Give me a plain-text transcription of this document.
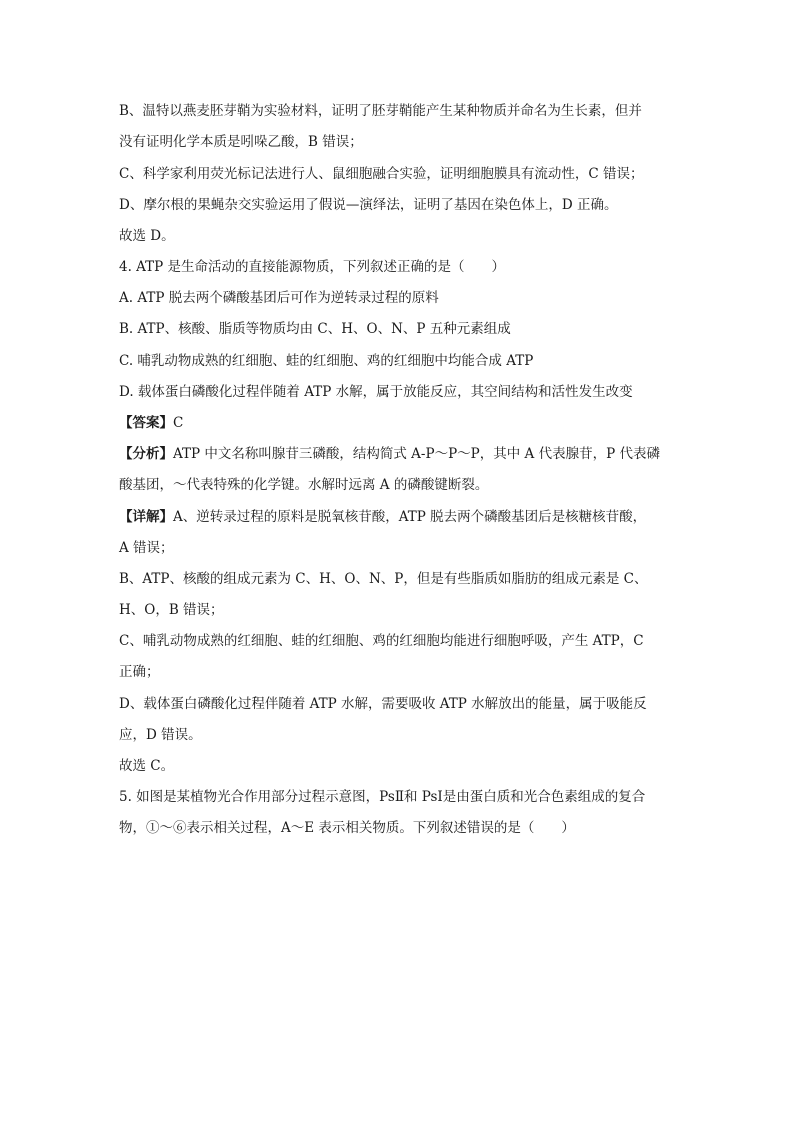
B、温特以燕麦胚芽鞘为实验材料，证明了胚芽鞘能产生某种物质并命名为生长素，但并
没有证明化学本质是吲哚乙酸，B 错误；
C、科学家利用荧光标记法进行人、鼠细胞融合实验，证明细胞膜具有流动性，C 错误；
D、摩尔根的果蝇杂交实验运用了假说—演绎法，证明了基因在染色体上，D 正确。
故选 D。
4. ATP 是生命活动的直接能源物质，下列叙述正确的是（　　）
A. ATP 脱去两个磷酸基团后可作为逆转录过程的原料
B. ATP、核酸、脂质等物质均由 C、H、O、N、P 五种元素组成
C. 哺乳动物成熟的红细胞、蛙的红细胞、鸡的红细胞中均能合成 ATP
D. 载体蛋白磷酸化过程伴随着 ATP 水解，属于放能反应，其空间结构和活性发生改变
【答案】C
【分析】ATP 中文名称叫腺苷三磷酸，结构简式 A-P～P～P，其中 A 代表腺苷，P 代表磷
酸基团，～代表特殊的化学键。水解时远离 A 的磷酸键断裂。
【详解】A、逆转录过程的原料是脱氧核苷酸，ATP 脱去两个磷酸基团后是核糖核苷酸，
A 错误；
B、ATP、核酸的组成元素为 C、H、O、N、P，但是有些脂质如脂肪的组成元素是 C、
H、O，B 错误；
C、哺乳动物成熟的红细胞、蛙的红细胞、鸡的红细胞均能进行细胞呼吸，产生 ATP，C
正确；
D、载体蛋白磷酸化过程伴随着 ATP 水解，需要吸收 ATP 水解放出的能量，属于吸能反
应，D 错误。
故选 C。
5. 如图是某植物光合作用部分过程示意图，PsⅡ和 PsⅠ是由蛋白质和光合色素组成的复合
物，①～⑥表示相关过程，A～E 表示相关物质。下列叙述错误的是（　　）
